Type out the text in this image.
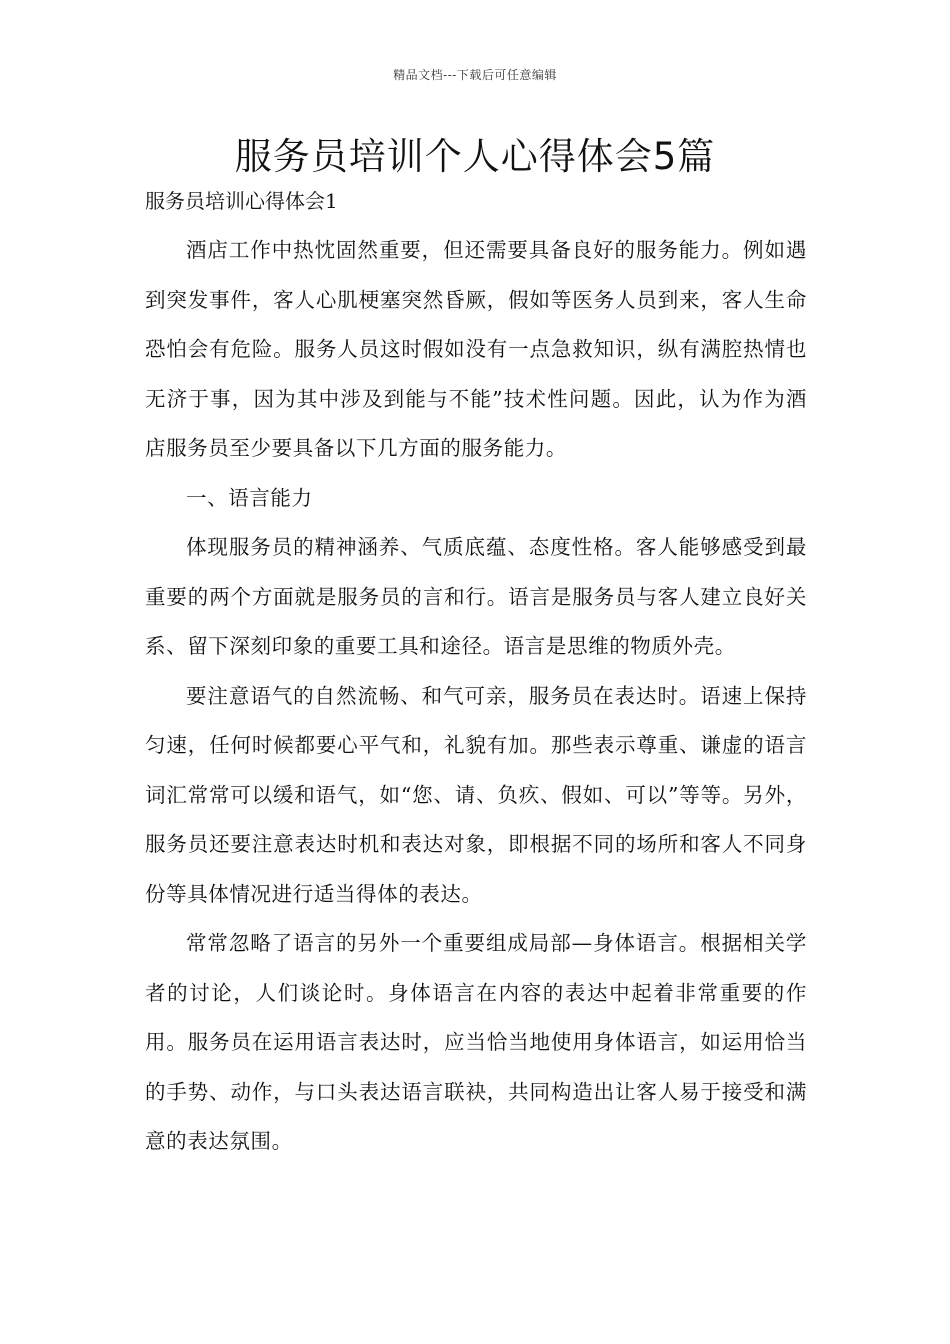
精品文档---下载后可任意编辑
服务员培训个人心得体会5篇
服务员培训心得体会1

酒店工作中热忱固然重要，但还需要具备良好的服务能力。例如遇到突发事件，客人心肌梗塞突然昏厥，假如等医务人员到来，客人生命恐怕会有危险。服务人员这时假如没有一点急救知识，纵有满腔热情也无济于事，因为其中涉及到能与不能”技术性问题。因此，认为作为酒店服务员至少要具备以下几方面的服务能力。

一、语言能力

体现服务员的精神涵养、气质底蕴、态度性格。客人能够感受到最重要的两个方面就是服务员的言和行。语言是服务员与客人建立良好关系、留下深刻印象的重要工具和途径。语言是思维的物质外壳。

要注意语气的自然流畅、和气可亲，服务员在表达时。语速上保持匀速，任何时候都要心平气和，礼貌有加。那些表示尊重、谦虚的语言词汇常常可以缓和语气，如“您、请、负疚、假如、可以”等等。另外，服务员还要注意表达时机和表达对象，即根据不同的场所和客人不同身份等具体情况进行适当得体的表达。

常常忽略了语言的另外一个重要组成局部—身体语言。根据相关学者的讨论，人们谈论时。身体语言在内容的表达中起着非常重要的作用。服务员在运用语言表达时，应当恰当地使用身体语言，如运用恰当的手势、动作，与口头表达语言联袂，共同构造出让客人易于接受和满意的表达氛围。
